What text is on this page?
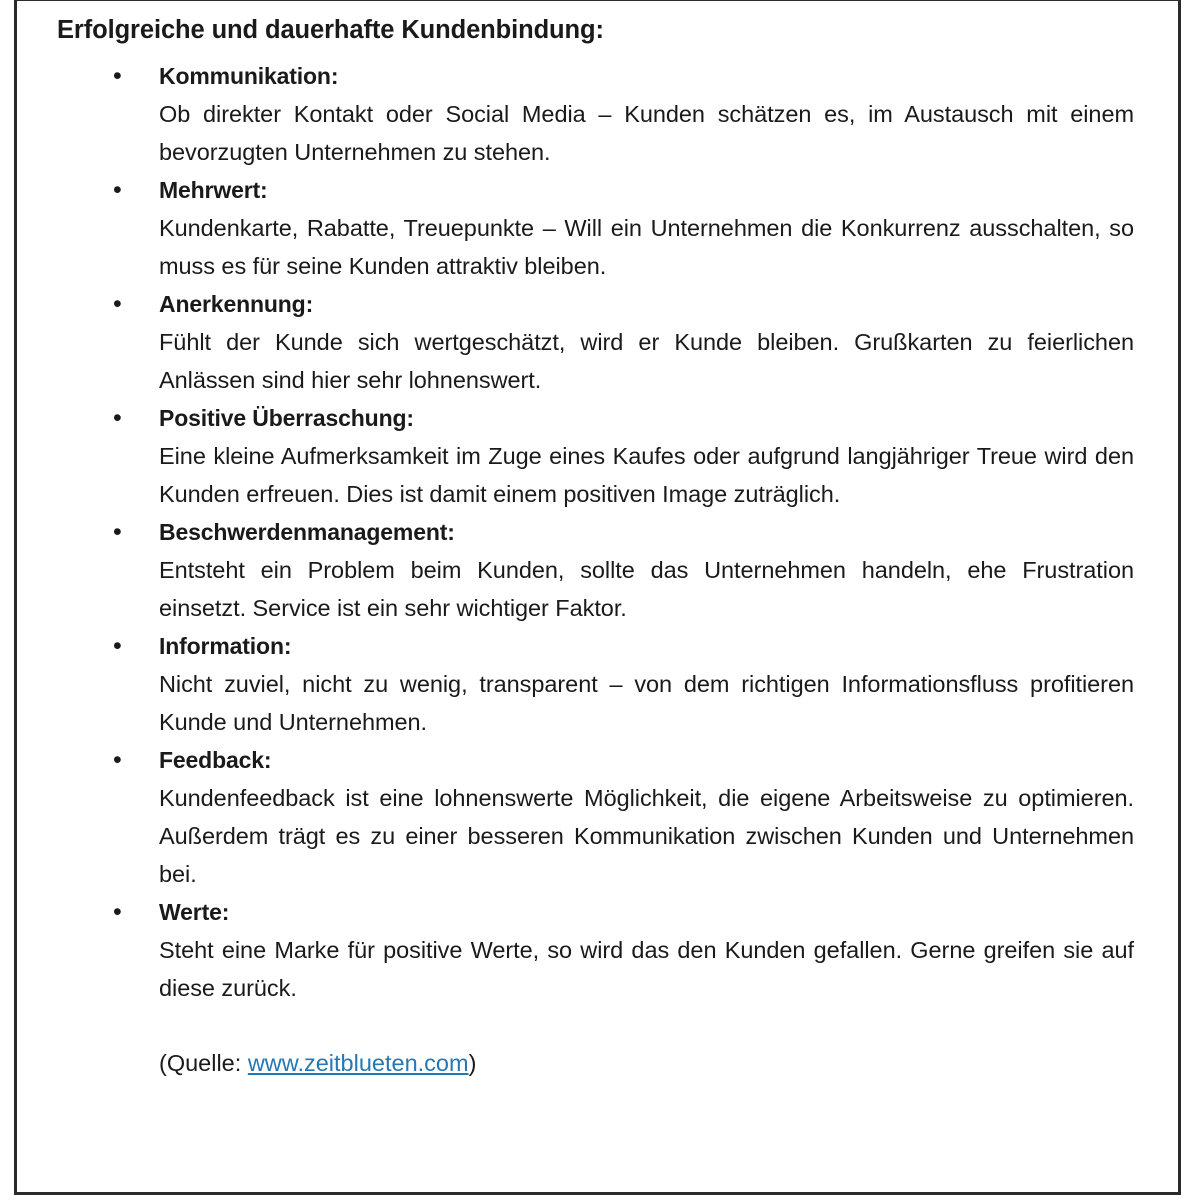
Erfolgreiche und dauerhafte Kundenbindung:
• Kommunikation:

Ob direkter Kontakt oder Social Media – Kunden schätzen es, im Austausch mit einem bevorzugten Unternehmen zu stehen.

• Mehrwert:

Kundenkarte, Rabatte, Treuepunkte – Will ein Unternehmen die Konkurrenz ausschalten, so muss es für seine Kunden attraktiv bleiben.

• Anerkennung:

Fühlt der Kunde sich wertgeschätzt, wird er Kunde bleiben. Grußkarten zu feierlichen Anlässen sind hier sehr lohnenswert.

• Positive Überraschung:

Eine kleine Aufmerksamkeit im Zuge eines Kaufes oder aufgrund langjähriger Treue wird den Kunden erfreuen. Dies ist damit einem positiven Image zuträglich.

• Beschwerdenmanagement:

Entsteht ein Problem beim Kunden, sollte das Unternehmen handeln, ehe Frustration einsetzt. Service ist ein sehr wichtiger Faktor.

• Information:

Nicht zuviel, nicht zu wenig, transparent – von dem richtigen Informationsfluss profitieren Kunde und Unternehmen.

• Feedback:

Kundenfeedback ist eine lohnenswerte Möglichkeit, die eigene Arbeitsweise zu optimieren. Außerdem trägt es zu einer besseren Kommunikation zwischen Kunden und Unternehmen bei.

• Werte:

Steht eine Marke für positive Werte, so wird das den Kunden gefallen. Gerne greifen sie auf diese zurück.

(Quelle: www.zeitblueten.com)
